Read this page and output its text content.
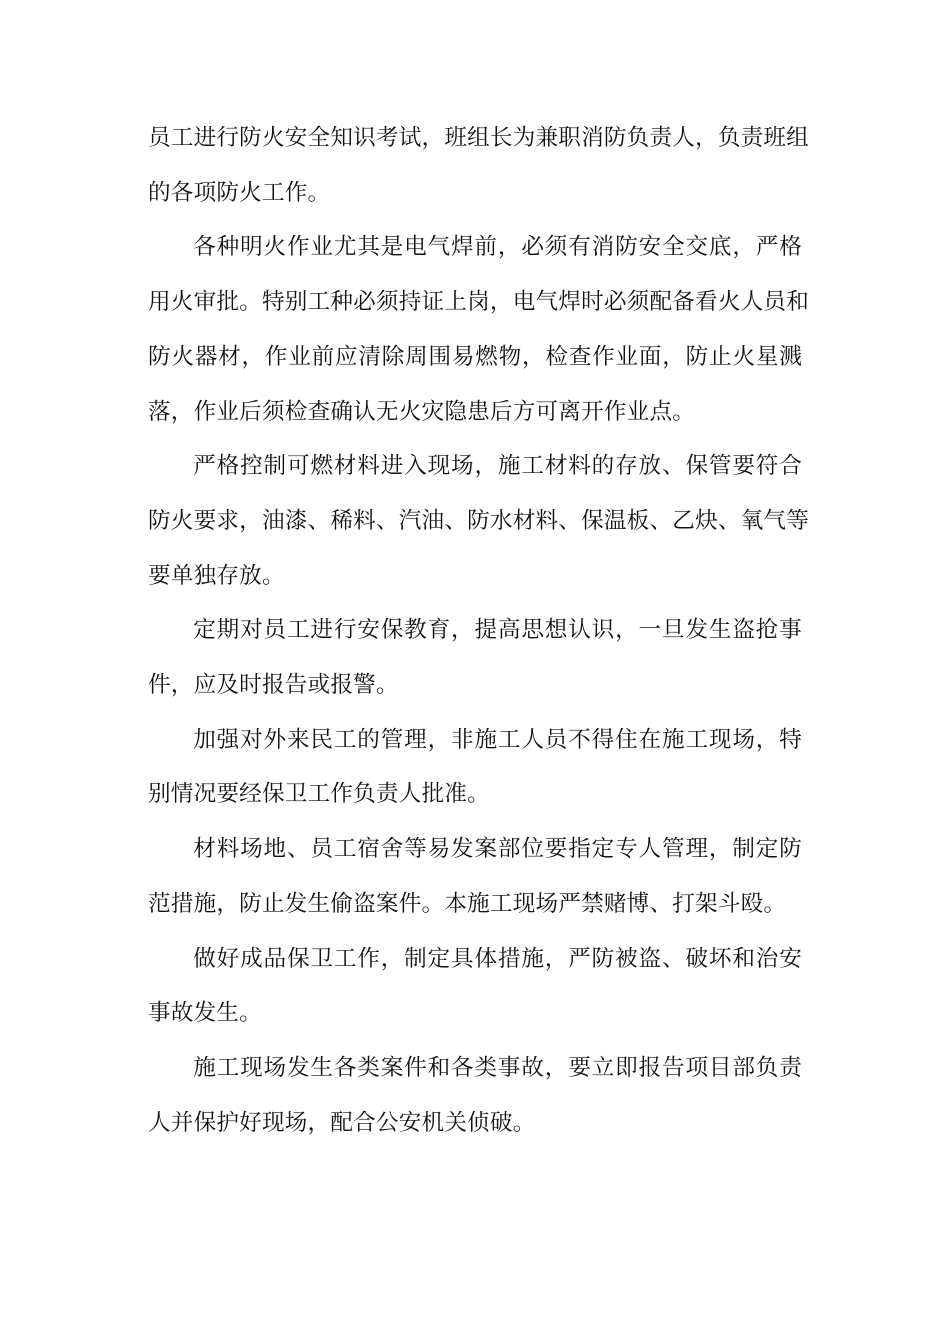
员工进行防火安全知识考试，班组长为兼职消防负责人，负责班组
的各项防火工作。

各种明火作业尤其是电气焊前，必须有消防安全交底，严格
用火审批。特别工种必须持证上岗，电气焊时必须配备看火人员和
防火器材，作业前应清除周围易燃物，检查作业面，防止火星溅
落，作业后须检查确认无火灾隐患后方可离开作业点。

严格控制可燃材料进入现场，施工材料的存放、保管要符合
防火要求，油漆、稀料、汽油、防水材料、保温板、乙炔、氧气等
要单独存放。

定期对员工进行安保教育，提高思想认识，一旦发生盗抢事
件，应及时报告或报警。

加强对外来民工的管理，非施工人员不得住在施工现场，特
别情况要经保卫工作负责人批准。

材料场地、员工宿舍等易发案部位要指定专人管理，制定防
范措施，防止发生偷盗案件。本施工现场严禁赌博、打架斗殴。

做好成品保卫工作，制定具体措施，严防被盗、破坏和治安
事故发生。

施工现场发生各类案件和各类事故，要立即报告项目部负责
人并保护好现场，配合公安机关侦破。
